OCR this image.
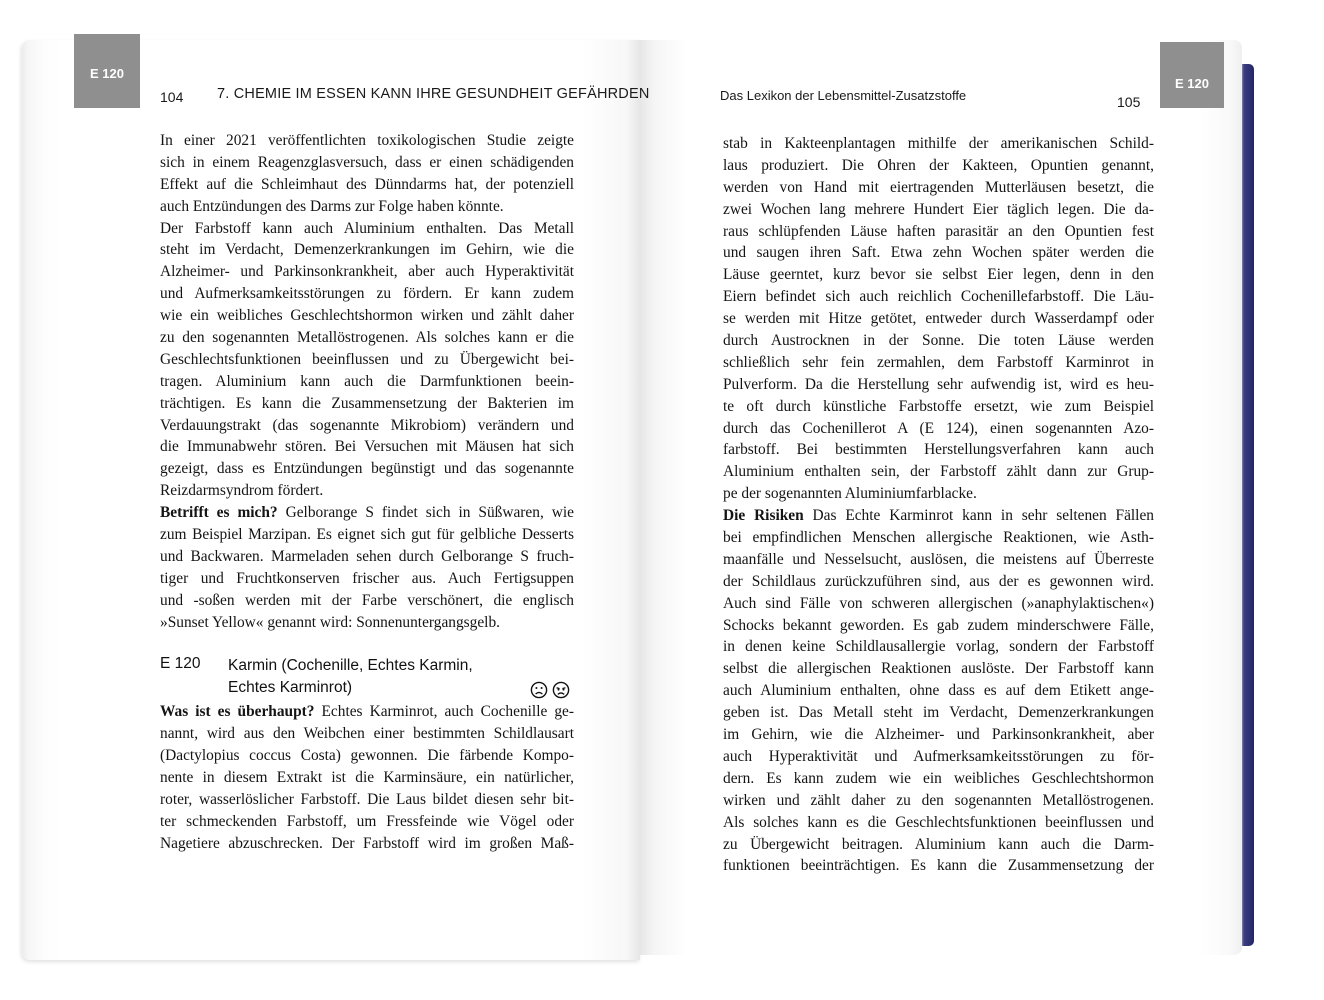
E 120
E 120
104 7. CHEMIE IM ESSEN KANN IHRE GESUNDHEIT GEFÄHRDEN	Das Lexikon der Lebensmittel-Zusatzstoffe	105
In einer 2021 veröffentlichten toxikologischen Studie zeigte
sich in einem Reagenzglasversuch, dass er einen schädigenden
Effekt auf die Schleimhaut des Dünndarms hat, der potenziell
auch Entzündungen des Darms zur Folge haben könnte.
Der Farbstoff kann auch Aluminium enthalten. Das Metall
steht im Verdacht, Demenzerkrankungen im Gehirn, wie die
Alzheimer- und Parkinsonkrankheit, aber auch Hyperaktivität
und Aufmerksamkeitsstörungen zu fördern. Er kann zudem
wie ein weibliches Geschlechtshormon wirken und zählt daher
zu den sogenannten Metallöstrogenen. Als solches kann er die
Geschlechtsfunktionen beeinflussen und zu Übergewicht bei-
tragen. Aluminium kann auch die Darmfunktionen beein-
trächtigen. Es kann die Zusammensetzung der Bakterien im
Verdauungstrakt (das sogenannte Mikrobiom) verändern und
die Immunabwehr stören. Bei Versuchen mit Mäusen hat sich
gezeigt, dass es Entzündungen begünstigt und das sogenannte
Reizdarmsyndrom fördert.
Betrifft es mich? Gelborange S findet sich in Süßwaren, wie
zum Beispiel Marzipan. Es eignet sich gut für gelbliche Desserts
und Backwaren. Marmeladen sehen durch Gelborange S fruch-
tiger und Fruchtkonserven frischer aus. Auch Fertigsuppen
und -soßen werden mit der Farbe verschönert, die englisch
»Sunset Yellow« genannt wird: Sonnenuntergangsgelb.
E 120 Karmin (Cochenille, Echtes Karmin,
Echtes Karminrot)

Was ist es überhaupt? Echtes Karminrot, auch Cochenille ge-
nannt, wird aus den Weibchen einer bestimmten Schildlausart
(Dactylopius coccus Costa) gewonnen. Die färbende Kompo-
nente in diesem Extrakt ist die Karminsäure, ein natürlicher,
roter, wasserlöslicher Farbstoff. Die Laus bildet diesen sehr bit-
ter schmeckenden Farbstoff, um Fressfeinde wie Vögel oder
Nagetiere abzuschrecken. Der Farbstoff wird im großen Maß-
stab in Kakteenplantagen mithilfe der amerikanischen Schild-
laus produziert. Die Ohren der Kakteen, Opuntien genannt,
werden von Hand mit eiertragenden Mutterläusen besetzt, die
zwei Wochen lang mehrere Hundert Eier täglich legen. Die da-
raus schlüpfenden Läuse haften parasitär an den Opuntien fest
und saugen ihren Saft. Etwa zehn Wochen später werden die
Läuse geerntet, kurz bevor sie selbst Eier legen, denn in den
Eiern befindet sich auch reichlich Cochenillefarbstoff. Die Läu-
se werden mit Hitze getötet, entweder durch Wasserdampf oder
durch Austrocknen in der Sonne. Die toten Läuse werden
schließlich sehr fein zermahlen, dem Farbstoff Karminrot in
Pulverform. Da die Herstellung sehr aufwendig ist, wird es heu-
te oft durch künstliche Farbstoffe ersetzt, wie zum Beispiel
durch das Cochenillerot A (E 124), einen sogenannten Azo-
farbstoff. Bei bestimmten Herstellungsverfahren kann auch
Aluminium enthalten sein, der Farbstoff zählt dann zur Grup-
pe der sogenannten Aluminiumfarblacke.
Die Risiken Das Echte Karminrot kann in sehr seltenen Fällen
bei empfindlichen Menschen allergische Reaktionen, wie Asth-
maanfälle und Nesselsucht, auslösen, die meistens auf Überreste
der Schildlaus zurückzuführen sind, aus der es gewonnen wird.
Auch sind Fälle von schweren allergischen (»anaphylaktischen«)
Schocks bekannt geworden. Es gab zudem minderschwere Fälle,
in denen keine Schildlausallergie vorlag, sondern der Farbstoff
selbst die allergischen Reaktionen auslöste. Der Farbstoff kann
auch Aluminium enthalten, ohne dass es auf dem Etikett ange-
geben ist. Das Metall steht im Verdacht, Demenzerkrankungen
im Gehirn, wie die Alzheimer- und Parkinsonkrankheit, aber
auch Hyperaktivität und Aufmerksamkeitsstörungen zu för-
dern. Es kann zudem wie ein weibliches Geschlechtshormon
wirken und zählt daher zu den sogenannten Metallöstrogenen.
Als solches kann es die Geschlechtsfunktionen beeinflussen und
zu Übergewicht beitragen. Aluminium kann auch die Darm-
funktionen beeinträchtigen. Es kann die Zusammensetzung der
